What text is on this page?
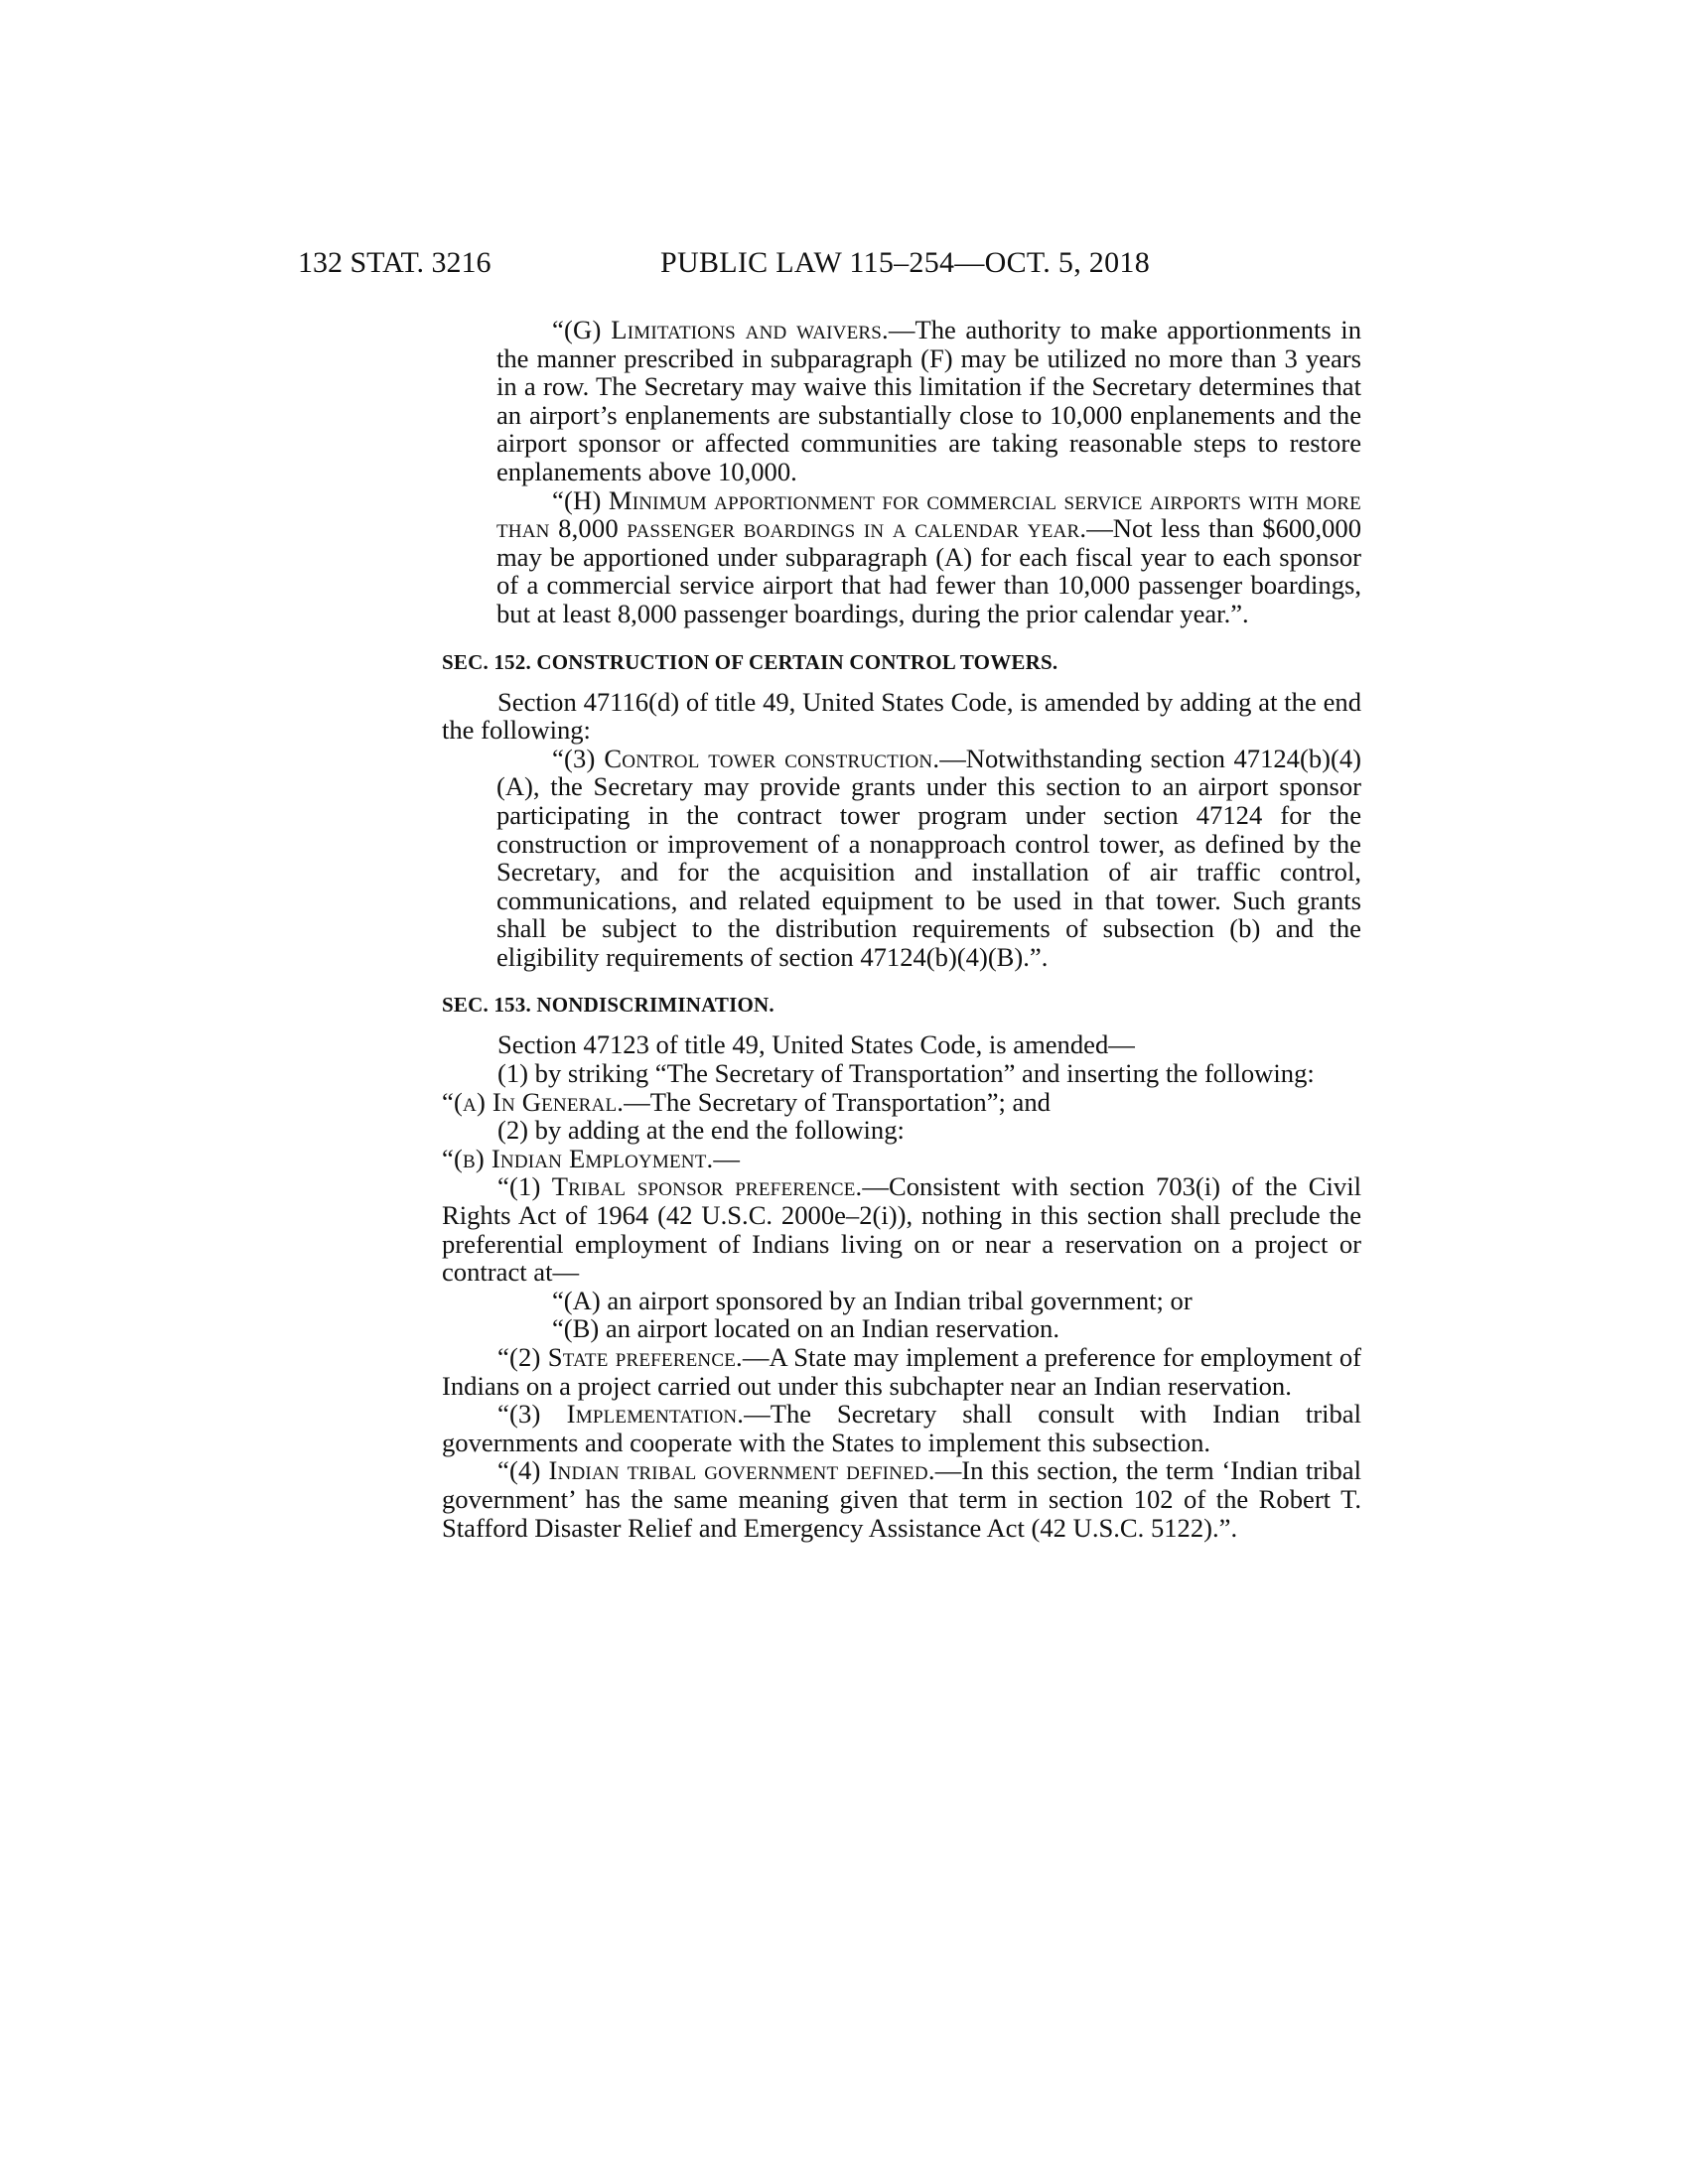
132 STAT. 3216	PUBLIC LAW 115–254—OCT. 5, 2018

“(G) Limitations and waivers.—The authority to make apportionments in the manner prescribed in subparagraph (F) may be utilized no more than 3 years in a row. The Secretary may waive this limitation if the Secretary determines that an airport’s enplanements are substantially close to 10,000 enplanements and the airport sponsor or affected communities are taking reasonable steps to restore enplanements above 10,000.

“(H) Minimum apportionment for commercial service airports with more than 8,000 passenger boardings in a calendar year.—Not less than $600,000 may be apportioned under subparagraph (A) for each fiscal year to each sponsor of a commercial service airport that had fewer than 10,000 passenger boardings, but at least 8,000 passenger boardings, during the prior calendar year.”.

SEC. 152. CONSTRUCTION OF CERTAIN CONTROL TOWERS.

Section 47116(d) of title 49, United States Code, is amended by adding at the end the following:

“(3) Control tower construction.—Notwithstanding section 47124(b)(4)(A), the Secretary may provide grants under this section to an airport sponsor participating in the contract tower program under section 47124 for the construction or improvement of a nonapproach control tower, as defined by the Secretary, and for the acquisition and installation of air traffic control, communications, and related equipment to be used in that tower. Such grants shall be subject to the distribution requirements of subsection (b) and the eligibility requirements of section 47124(b)(4)(B).”.

SEC. 153. NONDISCRIMINATION.

Section 47123 of title 49, United States Code, is amended—

(1) by striking “The Secretary of Transportation” and inserting the following:

“(a) In General.—The Secretary of Transportation”; and

(2) by adding at the end the following:

“(b) Indian Employment.—

“(1) Tribal sponsor preference.—Consistent with section 703(i) of the Civil Rights Act of 1964 (42 U.S.C. 2000e–2(i)), nothing in this section shall preclude the preferential employment of Indians living on or near a reservation on a project or contract at—

“(A) an airport sponsored by an Indian tribal government; or

“(B) an airport located on an Indian reservation.

“(2) State preference.—A State may implement a preference for employment of Indians on a project carried out under this subchapter near an Indian reservation.

“(3) Implementation.—The Secretary shall consult with Indian tribal governments and cooperate with the States to implement this subsection.

“(4) Indian tribal government defined.—In this section, the term ‘Indian tribal government’ has the same meaning given that term in section 102 of the Robert T. Stafford Disaster Relief and Emergency Assistance Act (42 U.S.C. 5122).”.
